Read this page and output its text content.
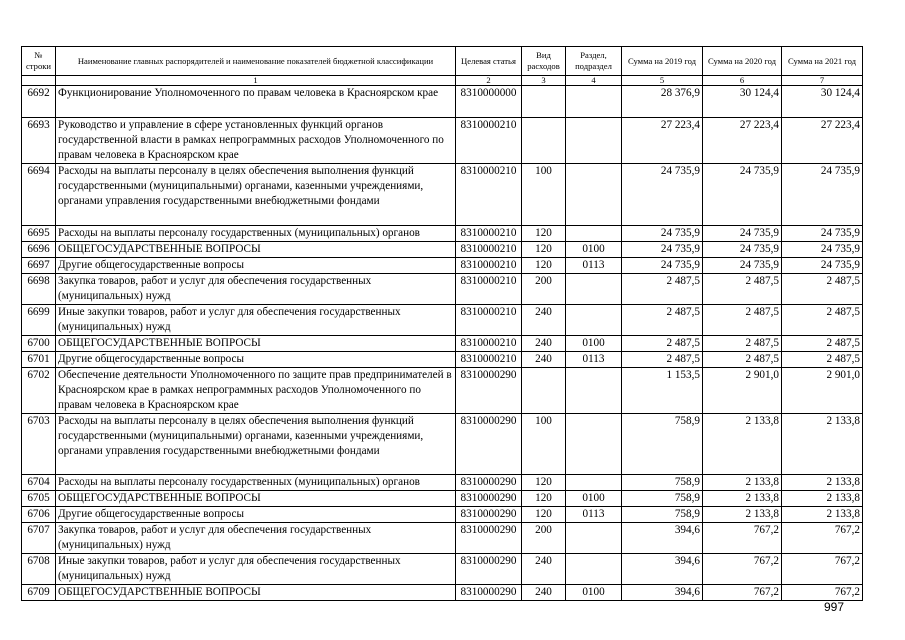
№ строки	Наименование главных распорядителей и наименование показателей бюджетной классификации	Целевая статья	Вид расходов	Раздел, подраздел	Сумма на 2019 год	Сумма на 2020 год	Сумма на 2021 год
	1	2	3	4	5	6	7
6692	Функционирование Уполномоченного по правам человека в Красноярском крае	8310000000			28 376,9	30 124,4	30 124,4
6693	Руководство и управление в сфере установленных функций органов государственной власти в рамках непрограммных расходов Уполномоченного по правам человека в Красноярском крае	8310000210			27 223,4	27 223,4	27 223,4
6694	Расходы на выплаты персоналу в целях обеспечения выполнения функций государственными (муниципальными) органами, казенными учреждениями, органами управления государственными внебюджетными фондами	8310000210	100		24 735,9	24 735,9	24 735,9
6695	Расходы на выплаты персоналу государственных (муниципальных) органов	8310000210	120		24 735,9	24 735,9	24 735,9
6696	ОБЩЕГОСУДАРСТВЕННЫЕ ВОПРОСЫ	8310000210	120	0100	24 735,9	24 735,9	24 735,9
6697	Другие общегосударственные вопросы	8310000210	120	0113	24 735,9	24 735,9	24 735,9
6698	Закупка товаров, работ и услуг для обеспечения государственных (муниципальных) нужд	8310000210	200		2 487,5	2 487,5	2 487,5
6699	Иные закупки товаров, работ и услуг для обеспечения государственных (муниципальных) нужд	8310000210	240		2 487,5	2 487,5	2 487,5
6700	ОБЩЕГОСУДАРСТВЕННЫЕ ВОПРОСЫ	8310000210	240	0100	2 487,5	2 487,5	2 487,5
6701	Другие общегосударственные вопросы	8310000210	240	0113	2 487,5	2 487,5	2 487,5
6702	Обеспечение деятельности Уполномоченного по защите прав предпринимателей в Красноярском крае в рамках непрограммных расходов Уполномоченного по правам человека в Красноярском крае	8310000290			1 153,5	2 901,0	2 901,0
6703	Расходы на выплаты персоналу в целях обеспечения выполнения функций государственными (муниципальными) органами, казенными учреждениями, органами управления государственными внебюджетными фондами	8310000290	100		758,9	2 133,8	2 133,8
6704	Расходы на выплаты персоналу государственных (муниципальных) органов	8310000290	120		758,9	2 133,8	2 133,8
6705	ОБЩЕГОСУДАРСТВЕННЫЕ ВОПРОСЫ	8310000290	120	0100	758,9	2 133,8	2 133,8
6706	Другие общегосударственные вопросы	8310000290	120	0113	758,9	2 133,8	2 133,8
6707	Закупка товаров, работ и услуг для обеспечения государственных (муниципальных) нужд	8310000290	200		394,6	767,2	767,2
6708	Иные закупки товаров, работ и услуг для обеспечения государственных (муниципальных) нужд	8310000290	240		394,6	767,2	767,2
6709	ОБЩЕГОСУДАРСТВЕННЫЕ ВОПРОСЫ	8310000290	240	0100	394,6	767,2	767,2
997
